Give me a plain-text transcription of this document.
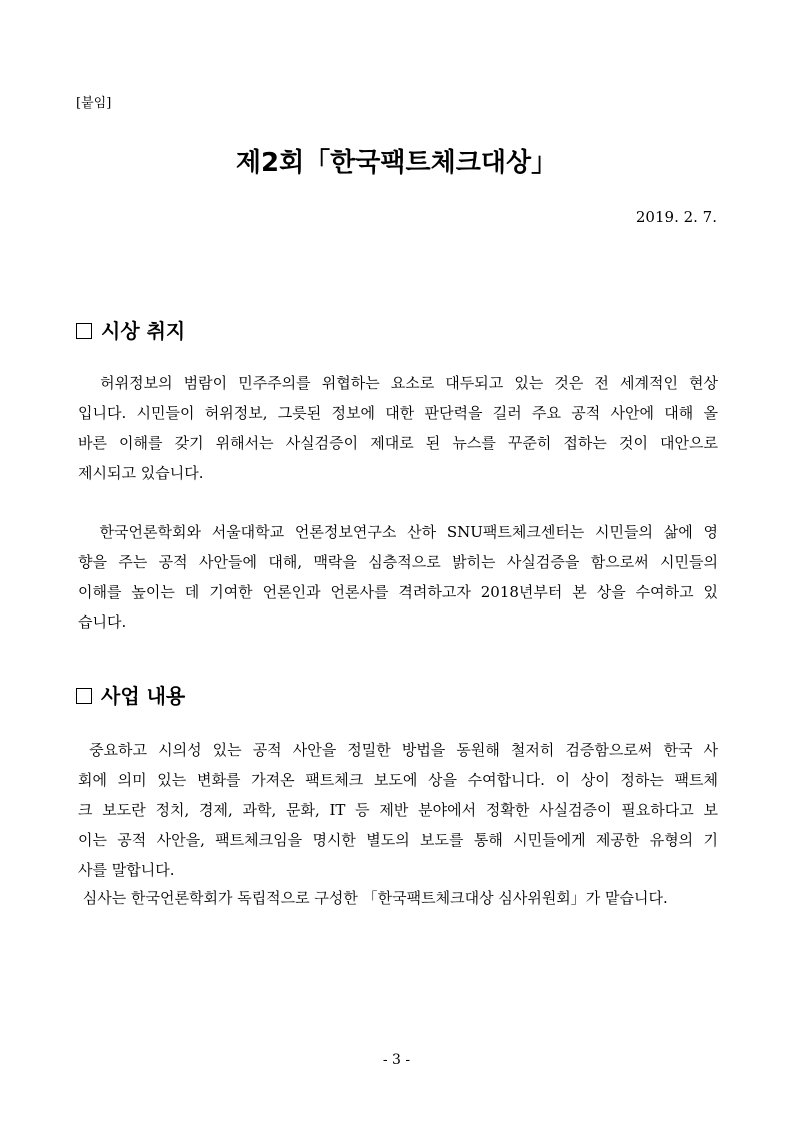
[붙임]

제2회「한국팩트체크대상」

2019. 2. 7.

시상 취지
허위정보의 범람이 민주주의를 위협하는 요소로 대두되고 있는 것은 전 세계적인 현상
입니다. 시민들이 허위정보, 그릇된 정보에 대한 판단력을 길러 주요 공적 사안에 대해 올
바른 이해를 갖기 위해서는 사실검증이 제대로 된 뉴스를 꾸준히 접하는 것이 대안으로
제시되고 있습니다.
한국언론학회와 서울대학교 언론정보연구소 산하 SNU팩트체크센터는 시민들의 삶에 영
향을 주는 공적 사안들에 대해, 맥락을 심층적으로 밝히는 사실검증을 함으로써 시민들의
이해를 높이는 데 기여한 언론인과 언론사를 격려하고자 2018년부터 본 상을 수여하고 있
습니다.
사업 내용
중요하고 시의성 있는 공적 사안을 정밀한 방법을 동원해 철저히 검증함으로써 한국 사
회에 의미 있는 변화를 가져온 팩트체크 보도에 상을 수여합니다. 이 상이 정하는 팩트체
크 보도란 정치, 경제, 과학, 문화, IT 등 제반 분야에서 정확한 사실검증이 필요하다고 보
이는 공적 사안을, 팩트체크임을 명시한 별도의 보도를 통해 시민들에게 제공한 유형의 기
사를 말합니다.
심사는 한국언론학회가 독립적으로 구성한 「한국팩트체크대상 심사위원회」가 맡습니다.

- 3 -
